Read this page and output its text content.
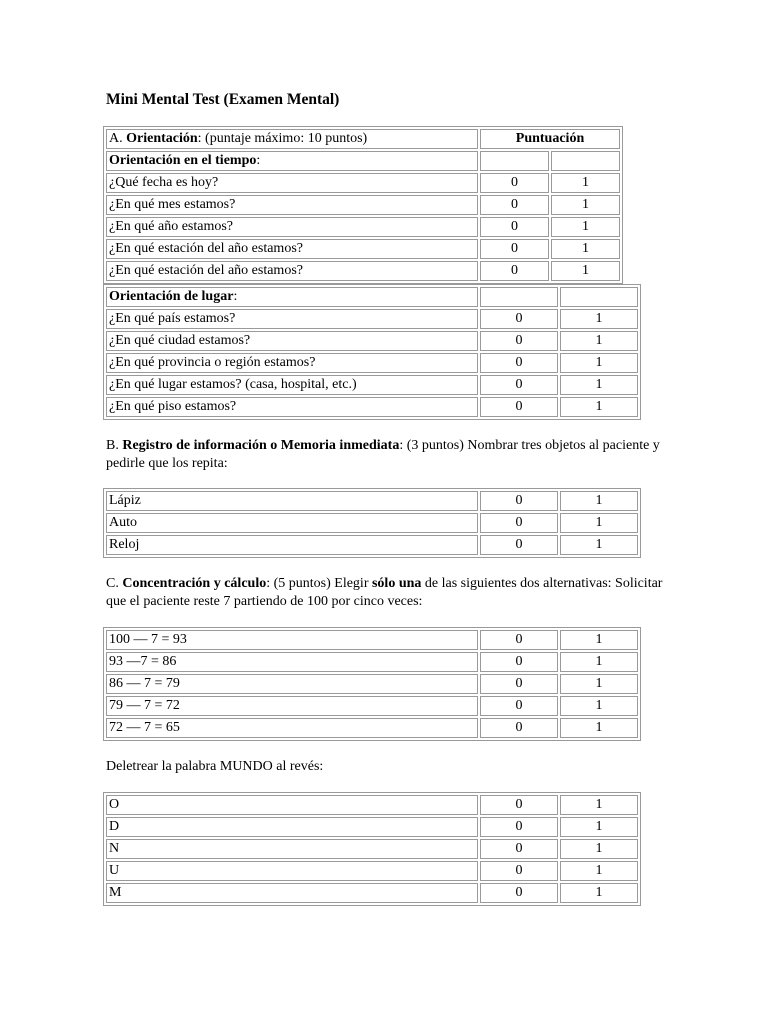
Mini Mental Test (Examen Mental)
A. Orientación: (puntaje máximo: 10 puntos)	Puntuación	
Orientación en el tiempo:		
¿Qué fecha es hoy?	0	1
¿En qué mes estamos?	0	1
¿En qué año estamos?	0	1
¿En qué estación del año estamos?	0	1
¿En qué estación del año estamos?	0	1
Orientación de lugar:		
¿En qué país estamos?	0	1
¿En qué ciudad estamos?	0	1
¿En qué provincia o región estamos?	0	1
¿En qué lugar estamos? (casa, hospital, etc.)	0	1
¿En qué piso estamos?	0	1
B. Registro de información o Memoria inmediata: (3 puntos) Nombrar tres objetos al paciente y pedirle que los repita:
Lápiz	0	1
Auto	0	1
Reloj	0	1
C. Concentración y cálculo: (5 puntos) Elegir sólo una de las siguientes dos alternativas: Solicitar que el paciente reste 7 partiendo de 100 por cinco veces:
100 — 7 = 93	0	1
93 —7 = 86	0	1
86 — 7 = 79	0	1
79 — 7 = 72	0	1
72 — 7 = 65	0	1
Deletrear la palabra MUNDO al revés:
O	0	1
D	0	1
N	0	1
U	0	1
M	0	1
